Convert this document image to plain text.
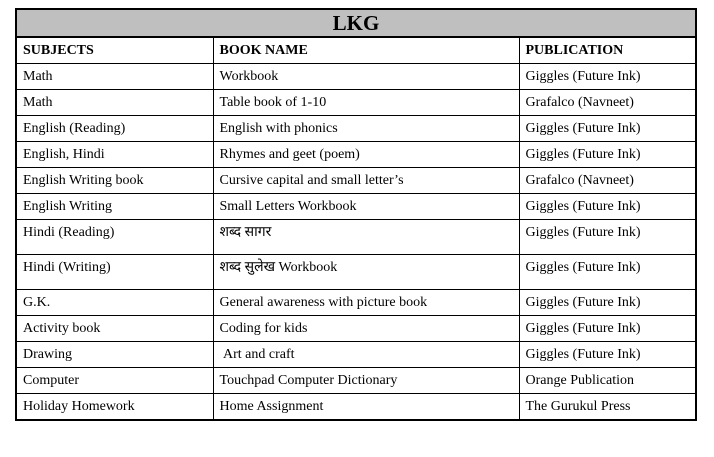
LKG		
SUBJECTS	BOOK NAME	PUBLICATION
Math	Workbook	Giggles (Future Ink)
Math	Table book of 1-10	Grafalco (Navneet)
English (Reading)	English with phonics	Giggles (Future Ink)
English, Hindi	Rhymes and geet (poem)	Giggles (Future Ink)
English Writing book	Cursive capital and small letter’s	Grafalco (Navneet)
English Writing	Small Letters Workbook	Giggles (Future Ink)
Hindi (Reading)	शब्द सागर	Giggles (Future Ink)
Hindi (Writing)	शब्द सुलेख Workbook	Giggles (Future Ink)
G.K.	General awareness with picture book	Giggles (Future Ink)
Activity book	Coding for kids	Giggles (Future Ink)
Drawing	Art and craft	Giggles (Future Ink)
Computer	Touchpad Computer Dictionary	Orange Publication
Holiday Homework	Home Assignment	The Gurukul Press
